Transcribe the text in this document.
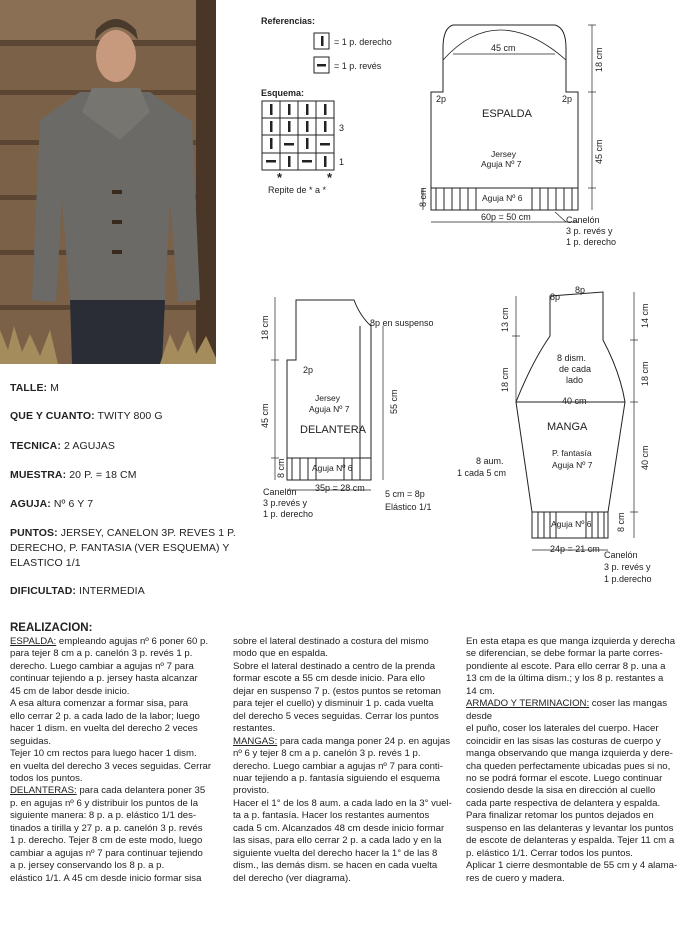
Referencias:
= 1 p. derecho
= 1 p. revés
Esquema:
3
1
*	*
Repite de * a *
45 cm	18 cm
45 cm
8 cm
2p	2p
ESPALDA
Jersey
Aguja Nº 7
Aguja Nº 6
60p = 50 cm	Canelón
3 p. revés y
1 p. derecho
18 cm
45 cm
8 cm
2p
8p en suspenso
55 cm
Jersey
Aguja Nº 7
DELANTERA
Aguja Nº 6
35p = 28 cm
5 cm = 8p
Elástico 1/1
Canelón
3 p.revés y
1 p. derecho
8p
8p
13 cm
18 cm
14 cm
18 cm
40 cm
8 cm
8 dism.
de cada
lado
40 cm
MANGA
P. fantasía
Aguja Nº 7
8 aum.
1 cada 5 cm
Aguja Nº 6
24p = 21 cm
Canelón
3 p. revés y
1 p.derecho
TALLE: M
QUE Y CUANTO: TWITY 800 G
TECNICA: 2 AGUJAS
MUESTRA: 20 P. = 18 CM
AGUJA: Nº 6 Y 7
PUNTOS: JERSEY, CANELON 3P. REVES 1 P.
DERECHO, P. FANTASIA (VER ESQUEMA) Y
ELASTICO 1/1
DIFICULTAD: INTERMEDIA
REALIZACION:

ESPALDA: empleando agujas nº 6 poner 60 p.

para tejer 8 cm a p. canelón 3 p. revés 1 p.

derecho. Luego cambiar a agujas nº 7 para

continuar tejiendo a p. jersey hasta alcanzar

45 cm de labor desde inicio.

A esa altura comenzar a formar sisa, para

ello cerrar 2 p. a cada lado de la labor; luego

hacer 1 dism. en vuelta del derecho 2 veces

seguidas.

Tejer 10 cm rectos para luego hacer 1 dism.

en vuelta del derecho 3 veces seguidas. Cerrar

todos los puntos.

DELANTERAS: para cada delantera poner 35

p. en agujas nº 6 y distribuir los puntos de la

siguiente manera: 8 p. a p. elástico 1/1 des-

tinados a tirilla y 27 p. a p. canelón 3 p. revés

1 p. derecho. Tejer 8 cm de este modo, luego

cambiar a agujas nº 7 para continuar tejiendo

a p. jersey conservando los 8 p. a p.

elástico 1/1. A 45 cm desde inicio formar sisa

sobre el lateral destinado a costura del mismo

modo que en espalda.

Sobre el lateral destinado a centro de la prenda

formar escote a 55 cm desde inicio. Para ello

dejar en suspenso 7 p. (estos puntos se retoman

para tejer el cuello) y disminuir 1 p. cada vuelta

del derecho 5 veces seguidas. Cerrar los puntos

restantes.

MANGAS: para cada manga poner 24 p. en agujas

nº 6 y tejer 8 cm a p. canelón 3 p. revés 1 p.

derecho. Luego cambiar a agujas nº 7 para conti-

nuar tejiendo a p. fantasía siguiendo el esquema

provisto.

Hacer el 1° de los 8 aum. a cada lado en la 3° vuel-

ta a p. fantasía. Hacer los restantes aumentos

cada 5 cm. Alcanzados 48 cm desde inicio formar

las sisas, para ello cerrar 2 p. a cada lado y en la

siguiente vuelta del derecho hacer la 1° de las 8

dism., las demás dism. se hacen en cada vuelta

del derecho (ver diagrama).

En esta etapa es que manga izquierda y derecha

se diferencian, se debe formar la parte corres-

pondiente al escote. Para ello cerrar 8 p. una a

13 cm de la última dism.; y los 8 p. restantes a

14 cm.

ARMADO Y TERMINACION: coser las mangas desde

el puño, coser los laterales del cuerpo. Hacer

coincidir en las sisas las costuras de cuerpo y

manga observando que manga izquierda y dere-

cha queden perfectamente ubicadas pues si no,

no se podrá formar el escote. Luego continuar

cosiendo desde la sisa en dirección al cuello

cada parte respectiva de delantera y espalda.

Para finalizar retomar los puntos dejados en

suspenso en las delanteras y levantar los puntos

de escote de delanteras y espalda. Tejer 11 cm a

p. elástico 1/1. Cerrar todos los puntos.

Aplicar 1 cierre desmontable de 55 cm y 4 alama-

res de cuero y madera.
